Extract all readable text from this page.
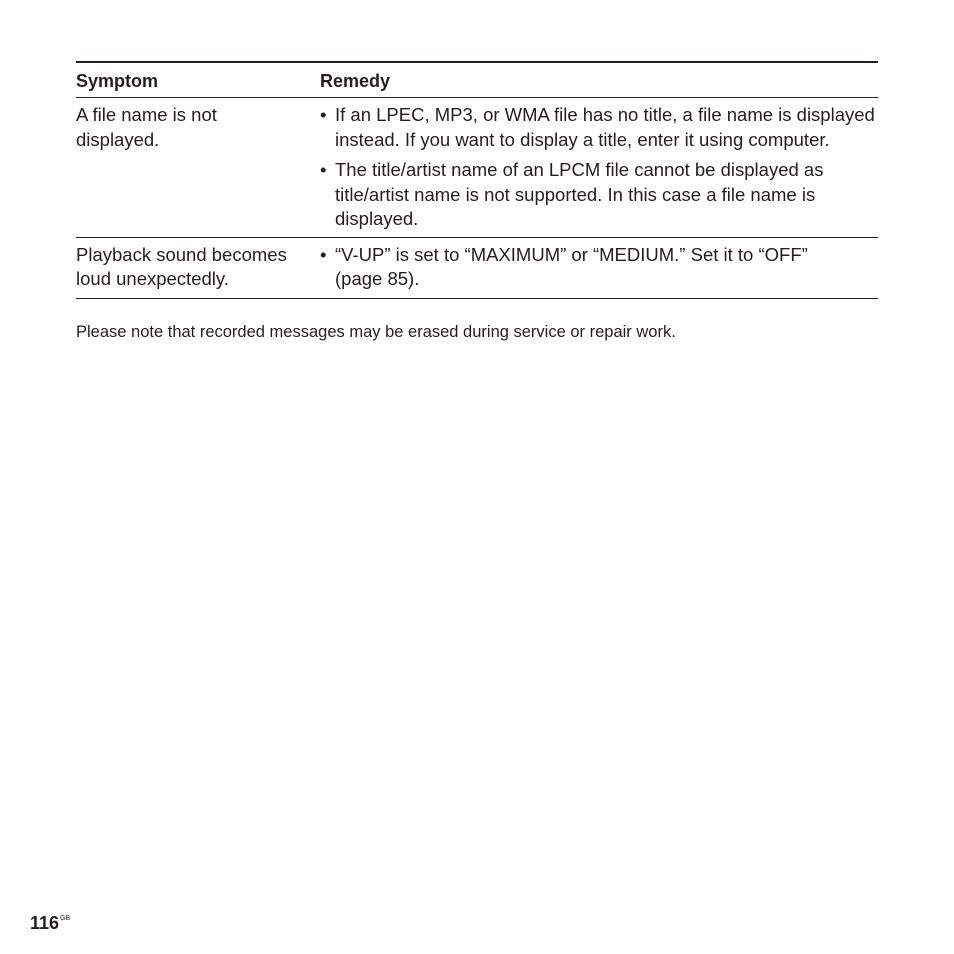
Symptom	Remedy
A file name is not displayed.
• If an LPEC, MP3, or WMA file has no title, a file name is displayed instead. If you want to display a title, enter it using computer.
• The title/artist name of an LPCM file cannot be displayed as title/artist name is not supported. In this case a file name is displayed.
Playback sound becomes loud unexpectedly.
• “V-UP” is set to “MAXIMUM” or “MEDIUM.” Set it to “OFF” (page 85).
Please note that recorded messages may be erased during service or repair work.
$116^{GB}$
